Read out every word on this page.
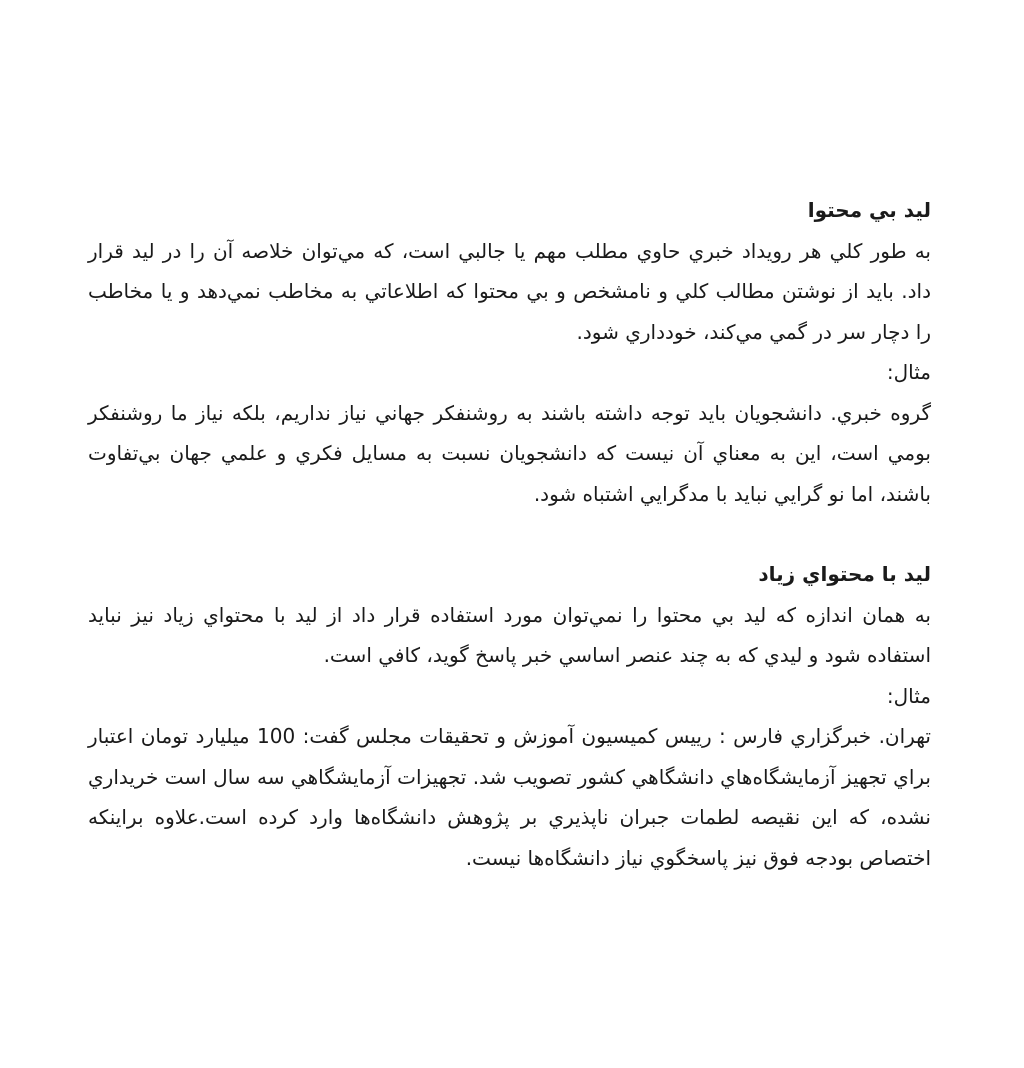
لید بي محتوا

به طور کلي هر رويداد خبري حاوي مطلب مهم يا جالبي است، که مي‌توان خلاصه آن را در لید قرار داد. بايد از نوشتن مطالب کلي و نامشخص و بي محتوا که اطلاعاتي به مخاطب نمي‌دهد و يا مخاطب را دچار سر در گمي مي‌کند، خودداري شود.

مثال:

گروه خبري. دانشجويان بايد توجه داشته باشند به روشنفکر جهاني نياز نداريم، بلکه نياز ما روشنفکر بومي است، اين به معناي آن نيست که دانشجويان نسبت به مسايل فکري و علمي جهان بي‌تفاوت باشند، اما نو گرايي نبايد با مدگرايي اشتباه شود.

لید با محتواي زياد

به همان اندازه که لید بي محتوا را نمي‌توان مورد استفاده قرار داد از لید با محتواي زياد نيز نبايد استفاده شود و ليدي که به چند عنصر اساسي خبر پاسخ گويد، کافي است.

مثال:

تهران. خبرگزاري فارس : رييس کميسيون آموزش و تحقيقات مجلس گفت: 100 ميليارد تومان اعتبار براي تجهيز آزمايشگاه‌هاي دانشگاهي کشور تصويب شد. تجهيزات آزمايشگاهي سه سال است خريداري نشده، که اين نقيصه لطمات جبران ناپذيري بر پژوهش دانشگاه‌ها وارد کرده است.علاوه براينکه اختصاص بودجه فوق نيز پاسخگوي نياز دانشگاه‌ها نيست.
